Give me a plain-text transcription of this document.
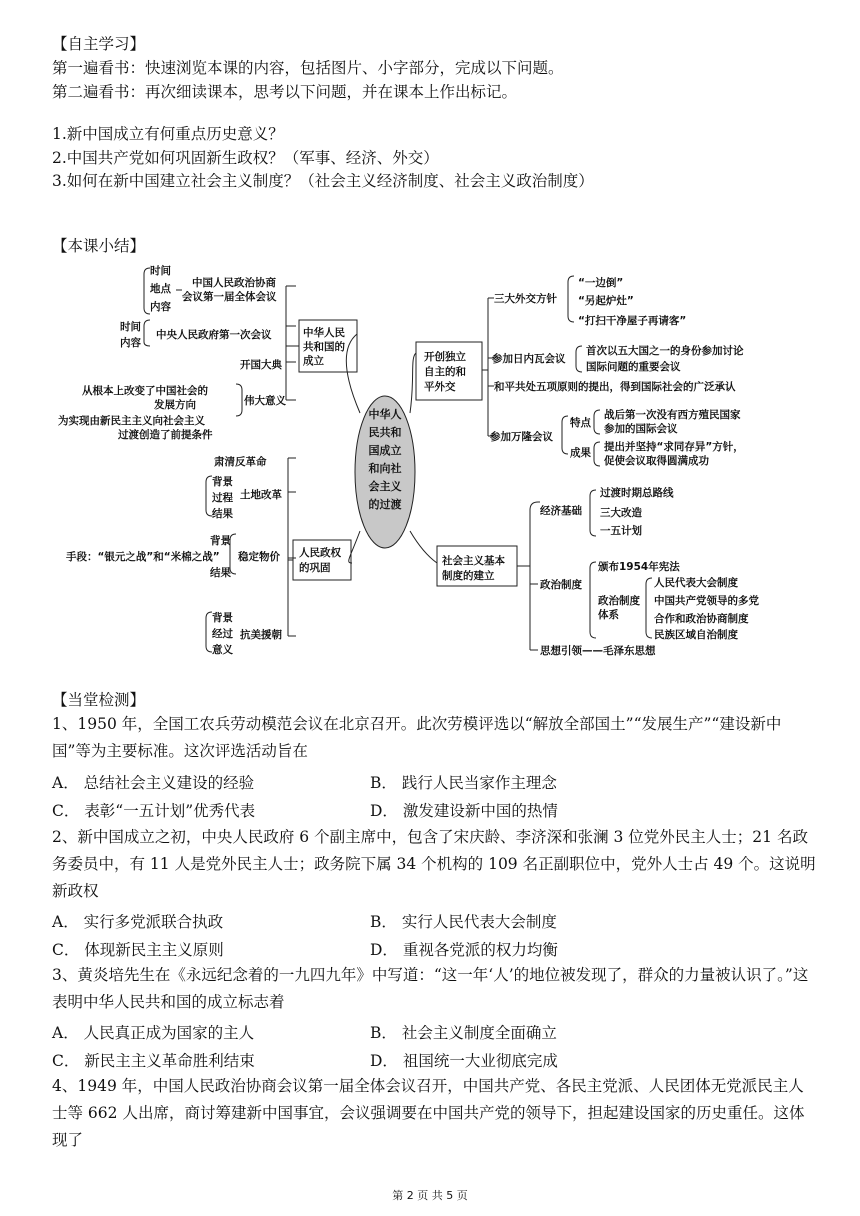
【自主学习】
第一遍看书：快速浏览本课的内容，包括图片、小字部分，完成以下问题。
第二遍看书：再次细读课本，思考以下问题，并在课本上作出标记。
1.新中国成立有何重点历史意义？
2.中国共产党如何巩固新生政权？（军事、经济、外交）
3.如何在新中国建立社会主义制度？（社会主义经济制度、社会主义政治制度）
【本课小结】
中华人
民共和
国成立
和向社
会主义
的过渡
中华人民
共和国的
成立
时间
地点
内容
中国人民政治协商
会议第一届全体会议
时间
内容
中央人民政府第一次会议
开国大典
伟大意义
从根本上改变了中国社会的
发展方向
为实现由新民主主义向社会主义
过渡创造了前提条件
人民政权
的巩固
肃清反革命
背景
过程
结果
土地改革
背景
手段：“银元之战”和“米棉之战”
结果
稳定物价
背景
经过
意义
抗美援朝
开创独立
自主的和
平外交
三大外交方针
“一边倒”
“另起炉灶”
“打扫干净屋子再请客”
参加日内瓦会议
首次以五大国之一的身份参加讨论
国际问题的重要会议
和平共处五项原则的提出，得到国际社会的广泛承认
参加万隆会议
特点
战后第一次没有西方殖民国家
参加的国际会议
成果 提出并坚持“求同存异”方针，
促使会议取得圆满成功
社会主义基本
制度的建立
经济基础
过渡时期总路线
三大改造
一五计划
政治制度
颁布1954年宪法
政治制度
体系
人民代表大会制度
中国共产党领导的多党
合作和政治协商制度
民族区域自治制度
思想引领——毛泽东思想
【当堂检测】
1、1950 年，全国工农兵劳动模范会议在北京召开。此次劳模评选以“解放全部国土”“发展生产”“建设新中国”等为主要标准。这次评选活动旨在
A． 总结社会主义建设的经验	B． 践行人民当家作主理念
C． 表彰“一五计划”优秀代表	D． 激发建设新中国的热情
2、新中国成立之初，中央人民政府 6 个副主席中，包含了宋庆龄、李济深和张澜 3 位党外民主人士；21 名政务委员中，有 11 人是党外民主人士；政务院下属 34 个机构的 109 名正副职位中，党外人士占 49 个。这说明新政权
A． 实行多党派联合执政	B． 实行人民代表大会制度
C． 体现新民主主义原则	D． 重视各党派的权力均衡
3、黄炎培先生在《永远纪念着的一九四九年》中写道：“这一年‘人’的地位被发现了，群众的力量被认识了。”这表明中华人民共和国的成立标志着
A． 人民真正成为国家的主人	B． 社会主义制度全面确立
C． 新民主主义革命胜利结束	D． 祖国统一大业彻底完成
4、1949 年，中国人民政治协商会议第一届全体会议召开，中国共产党、各民主党派、人民团体无党派民主人士等 662 人出席，商讨筹建新中国事宜，会议强调要在中国共产党的领导下，担起建设国家的历史重任。这体现了
第 2 页 共 5 页
